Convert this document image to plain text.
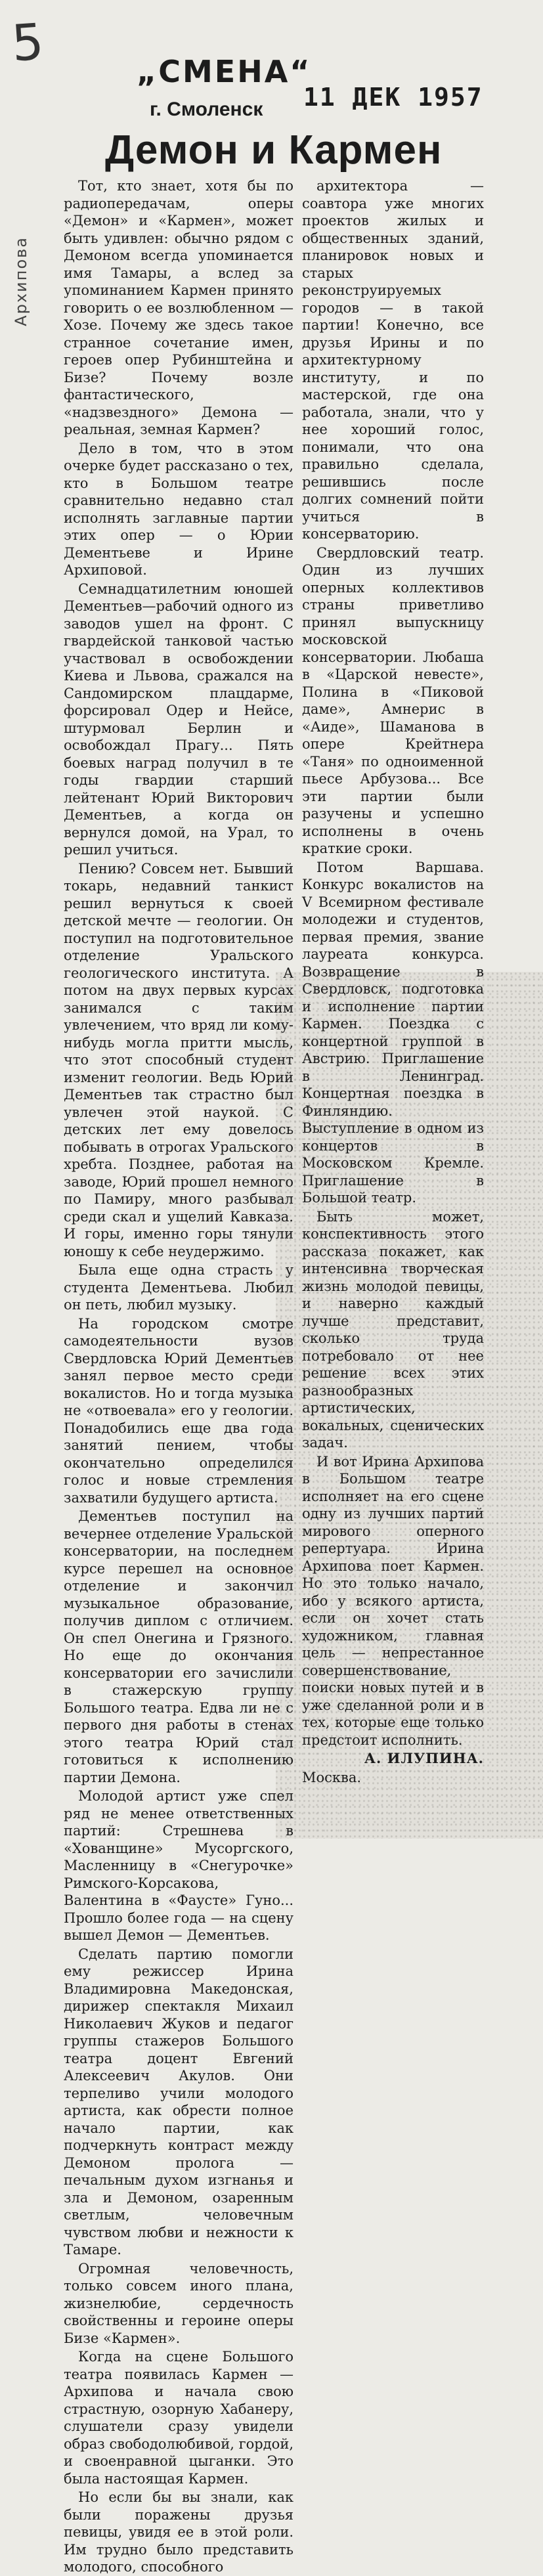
5
Архипова
„СМЕНА“
11 ДЕК 1957
г. Смоленск
Демон и Кармен

Тот, кто знает, хотя бы по радиопередачам, оперы «Демон» и «Кармен», может быть удивлен: обычно рядом с Демоном всегда упоминается имя Тамары, а вслед за упоминанием Кармен принято говорить о ее возлюбленном — Хозе. Почему же здесь такое странное сочетание имен, героев опер Рубинштейна и Бизе? Почему возле фантастического, «надзвездного» Демона — реальная, земная Кармен?

Дело в том, что в этом очерке будет рассказано о тех, кто в Большом театре сравнительно недавно стал исполнять заглавные партии этих опер — о Юрии Дементьеве и Ирине Архиповой.

Семнадцатилетним юношей Дементьев—рабочий одного из заводов ушел на фронт. С гвардейской танковой частью участвовал в освобождении Киева и Львова, сражался на Сандомирском плацдарме, форсировал Одер и Нейсе, штурмовал Берлин и освобождал Прагу... Пять боевых наград получил в те годы гвардии старший лейтенант Юрий Викторович Дементьев, а когда он вернулся домой, на Урал, то решил учиться.

Пению? Совсем нет. Бывший токарь, недавний танкист решил вернуться к своей детской мечте — геологии. Он поступил на подготовительное отделение Уральского геологического института. А потом на двух первых курсах занимался с таким увлечением, что вряд ли кому-нибудь могла притти мысль, что этот способный студент изменит геологии. Ведь Юрий Дементьев так страстно был увлечен этой наукой. С детских лет ему довелось побывать в отрогах Уральского хребта. Позднее, работая на заводе, Юрий прошел немного по Памиру, много разбывал среди скал и ущелий Кавказа. И горы, именно горы тянули юношу к себе неудержимо.

Была еще одна страсть у студента Дементьева. Любил он петь, любил музыку.

На городском смотре самодеятельности вузов Свердловска Юрий Дементьев занял первое место среди вокалистов. Но и тогда музыка не «отвоевала» его у геологии. Понадобились еще два года занятий пением, чтобы окончательно определился голос и новые стремления захватили будущего артиста.

Дементьев поступил на вечернее отделение Уральской консерватории, на последнем курсе перешел на основное отделение и закончил музыкальное образование, получив диплом с отличием. Он спел Онегина и Грязного. Но еще до окончания консерватории его зачислили в стажерскую группу Большого театра. Едва ли не с первого дня работы в стенах этого театра Юрий стал готовиться к исполнению партии Демона.

Молодой артист уже спел ряд не менее ответственных партий: Стрешнева в «Хованщине» Мусоргского, Масленницу в «Снегурочке» Римского-Корсакова, Валентина в «Фаусте» Гуно... Прошло более года — на сцену вышел Демон — Дементьев.

Сделать партию помогли ему режиссер Ирина Владимировна Македонская, дирижер спектакля Михаил Николаевич Жуков и педагог группы стажеров Большого театра доцент Евгений Алексеевич Акулов. Они терпеливо учили молодого артиста, как обрести полное начало партии, как подчеркнуть контраст между Демоном пролога — печальным духом изгнанья и зла и Демоном, озаренным светлым, человечным чувством любви и нежности к Тамаре.

Огромная человечность, только совсем иного плана, жизнелюбие, сердечность свойственны и героине оперы Бизе «Кармен».

Когда на сцене Большого театра появилась Кармен — Архипова и начала свою страстную, озорную Хабанеру, слушатели сразу увидели образ свободолюбивой, гордой, и своенравной цыганки. Это была настоящая Кармен.

Но если бы вы знали, как были поражены друзья певицы, увидя ее в этой роли. Им трудно было представить молодого, способного

архитектора — соавтора уже многих проектов жилых и общественных зданий, планировок новых и старых реконструируемых городов — в такой партии! Конечно, все друзья Ирины и по архитектурному институту, и по мастерской, где она работала, знали, что у нее хороший голос, понимали, что она правильно сделала, решившись после долгих сомнений пойти учиться в консерваторию.

Свердловский театр. Один из лучших оперных коллективов страны приветливо принял выпускницу московской консерватории. Любаша в «Царской невесте», Полина в «Пиковой даме», Амнерис в «Аиде», Шаманова в опере Крейтнера «Таня» по одноименной пьесе Арбузова... Все эти партии были разучены и успешно исполнены в очень краткие сроки.

Потом Варшава. Конкурс вокалистов на V Всемирном фестивале молодежи и студентов, первая премия, звание лауреата конкурса. Возвращение в Свердловск, подготовка и исполнение партии Кармен. Поездка с концертной группой в Австрию. Приглашение в Ленинград. Концертная поездка в Финляндию. Выступление в одном из концертов в Московском Кремле. Приглашение в Большой театр.

Быть может, конспективность этого рассказа покажет, как интенсивна творческая жизнь молодой певицы, и наверно каждый лучше представит, сколько труда потребовало от нее решение всех этих разнообразных артистических, вокальных, сценических задач.

И вот Ирина Архипова в Большом театре исполняет на его сцене одну из лучших партий мирового оперного репертуара. Ирина Архипова поет Кармен. Но это только начало, ибо у всякого артиста, если он хочет стать художником, главная цель — непрестанное совершенствование, поиски новых путей и в уже сделанной роли и в тех, которые еще только предстоит исполнить.

А. ИЛУПИНА.

Москва.
